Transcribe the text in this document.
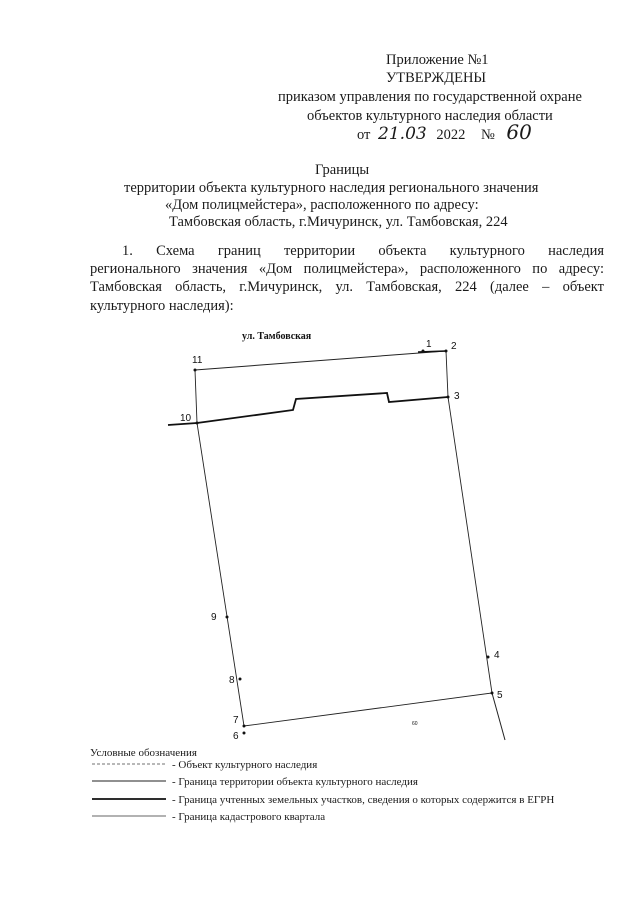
Приложение №1
УТВЕРЖДЕНЫ
приказом управления по государственной охране
объектов культурного наследия области
от 21.03 2022 № 60
Границы
территории объекта культурного наследия регионального значения
«Дом полицмейстера», расположенного по адресу:
Тамбовская область, г.Мичуринск, ул. Тамбовская, 224
1. Схема границ территории объекта культурного наследия
регионального значения «Дом полицмейстера», расположенного по адресу:
Тамбовская область, г.Мичуринск, ул. Тамбовская, 224 (далее – объект
культурного наследия):
ул. Тамбовская
1 2
3
4
5
6
7
8
9
10
11
60
Условные обозначения
- Объект культурного наследия
- Граница территории объекта культурного наследия
- Граница учтенных земельных участков, сведения о которых содержится в ЕГРН
- Граница кадастрового квартала
